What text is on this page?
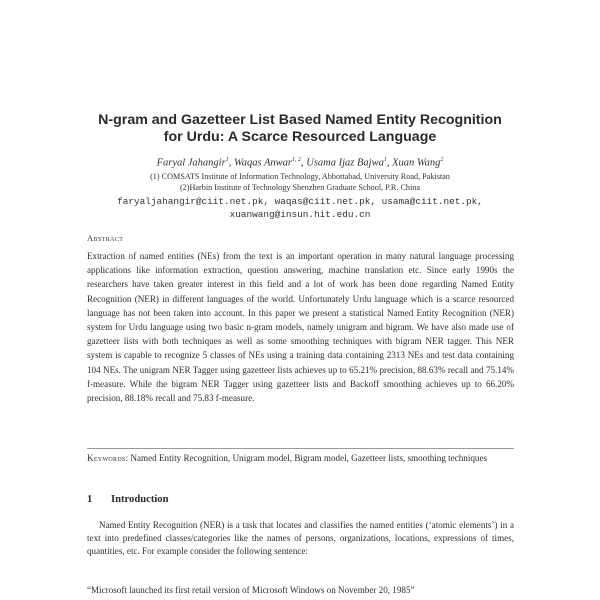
N-gram and Gazetteer List Based Named Entity Recognition
for Urdu: A Scarce Resourced Language
Faryal Jahangir$^1$, Waqas Anwar$^{1, 2}$, Usama Ijaz Bajwa$^1$, Xuan Wang$^2$
(1) COMSATS Institute of Information Technology, Abbottabad, University Road, Pakistan
(2)Harbin Institute of Technology Shenzhen Graduate School, P.R. China
faryaljahangir@ciit.net.pk, waqas@ciit.net.pk, usama@ciit.net.pk,
xuanwang@insun.hit.edu.cn
Abstract
Extraction of named entities (NEs) from the text is an important operation in many natural language processing applications like information extraction, question answering, machine translation etc. Since early 1990s the researchers have taken greater interest in this field and a lot of work has been done regarding Named Entity Recognition (NER) in different languages of the world. Unfortunately Urdu language which is a scarce resourced language has not been taken into account. In this paper we present a statistical Named Entity Recognition (NER) system for Urdu language using two basic n-gram models, namely unigram and bigram. We have also made use of gazetteer lists with both techniques as well as some smoothing techniques with bigram NER tagger. This NER system is capable to recognize 5 classes of NEs using a training data containing 2313 NEs and test data containing 104 NEs. The unigram NER Tagger using gazetteer lists achieves up to 65.21% precision, 88.63% recall and 75.14% f-measure. While the bigram NER Tagger using gazetteer lists and Backoff smoothing achieves up to 66.20% precision, 88.18% recall and 75.83 f-measure.
Keywords: Named Entity Recognition, Unigram model, Bigram model, Gazetteer lists, smoothing techniques
1 Introduction
Named Entity Recognition (NER) is a task that locates and classifies the named entities (‘atomic elements’) in a text into predefined classes/categories like the names of persons, organizations, locations, expressions of times, quantities, etc. For example consider the following sentence:
“Microsoft launched its first retail version of Microsoft Windows on November 20, 1985”
